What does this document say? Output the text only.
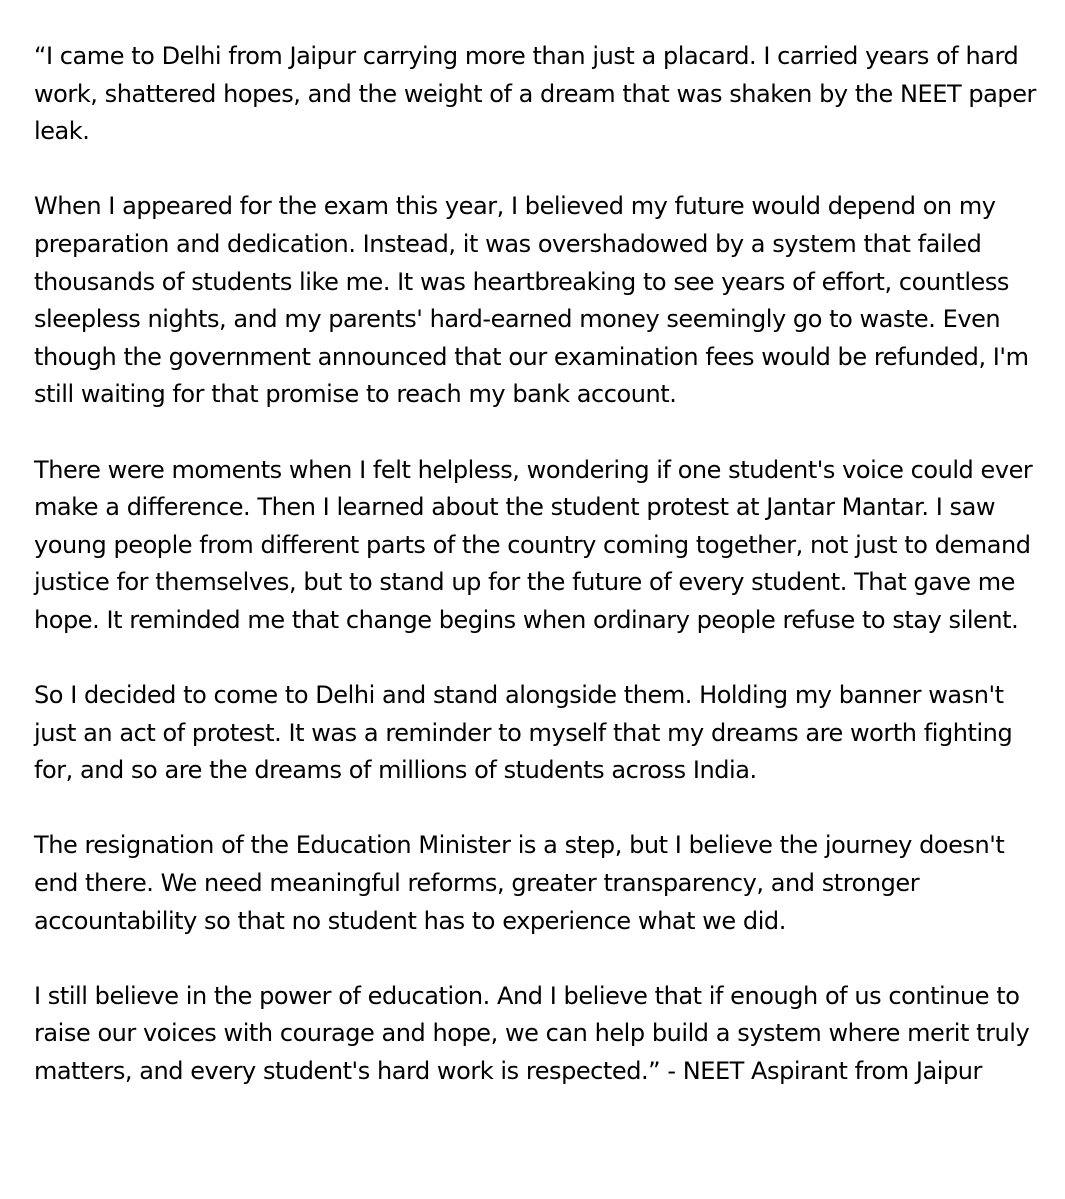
“I came to Delhi from Jaipur carrying more than just a placard. I carried years of hard work, shattered hopes, and the weight of a dream that was shaken by the NEET paper leak.

When I appeared for the exam this year, I believed my future would depend on my preparation and dedication. Instead, it was overshadowed by a system that failed thousands of students like me. It was heartbreaking to see years of effort, countless sleepless nights, and my parents' hard-earned money seemingly go to waste. Even though the government announced that our examination fees would be refunded, I'm still waiting for that promise to reach my bank account.

There were moments when I felt helpless, wondering if one student's voice could ever make a difference. Then I learned about the student protest at Jantar Mantar. I saw young people from different parts of the country coming together, not just to demand justice for themselves, but to stand up for the future of every student. That gave me hope. It reminded me that change begins when ordinary people refuse to stay silent.

So I decided to come to Delhi and stand alongside them. Holding my banner wasn't just an act of protest. It was a reminder to myself that my dreams are worth fighting for, and so are the dreams of millions of students across India.

The resignation of the Education Minister is a step, but I believe the journey doesn't end there. We need meaningful reforms, greater transparency, and stronger accountability so that no student has to experience what we did.

I still believe in the power of education. And I believe that if enough of us continue to raise our voices with courage and hope, we can help build a system where merit truly matters, and every student's hard work is respected.” - NEET Aspirant from Jaipur
